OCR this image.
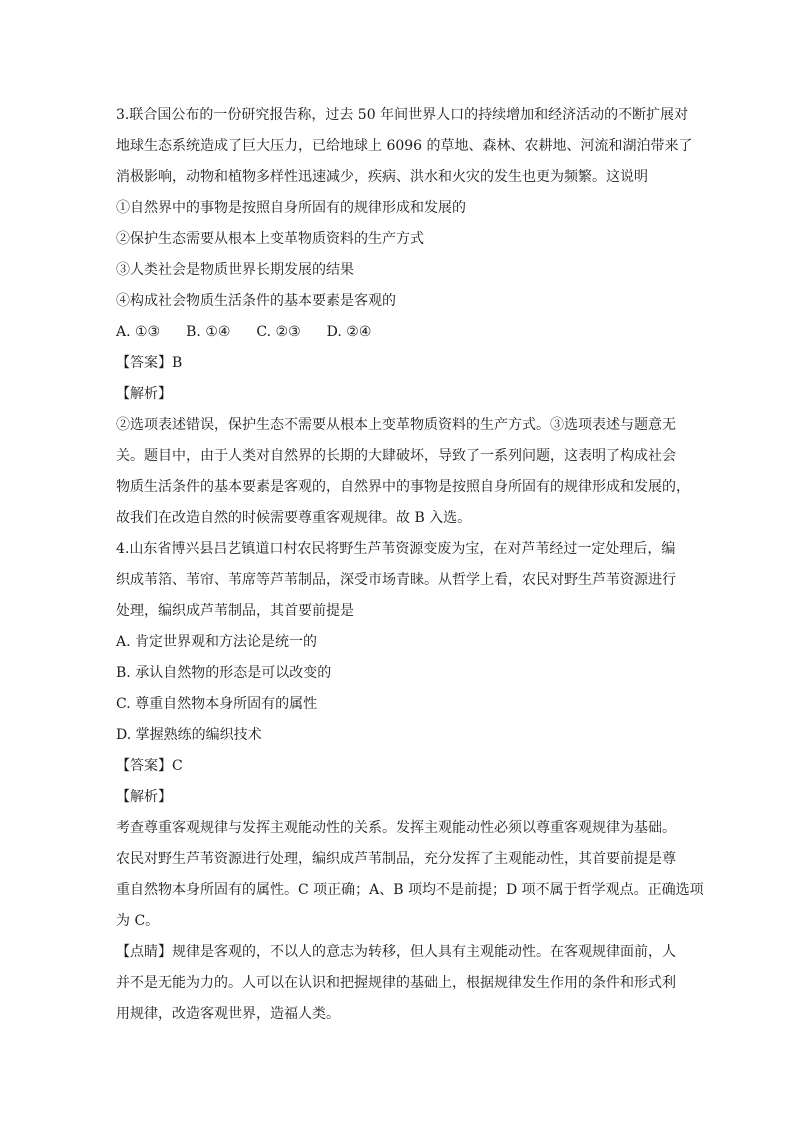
3.联合国公布的一份研究报告称，过去 50 年间世界人口的持续增加和经济活动的不断扩展对
地球生态系统造成了巨大压力，已给地球上 6096 的草地、森林、农耕地、河流和湖泊带来了
消极影响，动物和植物多样性迅速减少，疾病、洪水和火灾的发生也更为频繁。这说明
①自然界中的事物是按照自身所固有的规律形成和发展的
②保护生态需要从根本上变革物质资料的生产方式
③人类社会是物质世界长期发展的结果
④构成社会物质生活条件的基本要素是客观的
A. ①③ B. ①④ C. ②③ D. ②④
【答案】B
【解析】
②选项表述错误，保护生态不需要从根本上变革物质资料的生产方式。③选项表述与题意无
关。题目中，由于人类对自然界的长期的大肆破坏，导致了一系列问题，这表明了构成社会
物质生活条件的基本要素是客观的，自然界中的事物是按照自身所固有的规律形成和发展的，
故我们在改造自然的时候需要尊重客观规律。故 B 入选。
4.山东省博兴县吕艺镇道口村农民将野生芦苇资源变废为宝，在对芦苇经过一定处理后，编
织成苇箔、苇帘、苇席等芦苇制品，深受市场青睐。从哲学上看，农民对野生芦苇资源进行
处理，编织成芦苇制品，其首要前提是
A. 肯定世界观和方法论是统一的
B. 承认自然物的形态是可以改变的
C. 尊重自然物本身所固有的属性
D. 掌握熟练的编织技术
【答案】C
【解析】
考查尊重客观规律与发挥主观能动性的关系。发挥主观能动性必须以尊重客观规律为基础。
农民对野生芦苇资源进行处理，编织成芦苇制品，充分发挥了主观能动性，其首要前提是尊
重自然物本身所固有的属性。C 项正确；A、B 项均不是前提；D 项不属于哲学观点。正确选项
为 C。
【点睛】规律是客观的，不以人的意志为转移，但人具有主观能动性。在客观规律面前，人
并不是无能为力的。人可以在认识和把握规律的基础上，根据规律发生作用的条件和形式利
用规律，改造客观世界，造福人类。
